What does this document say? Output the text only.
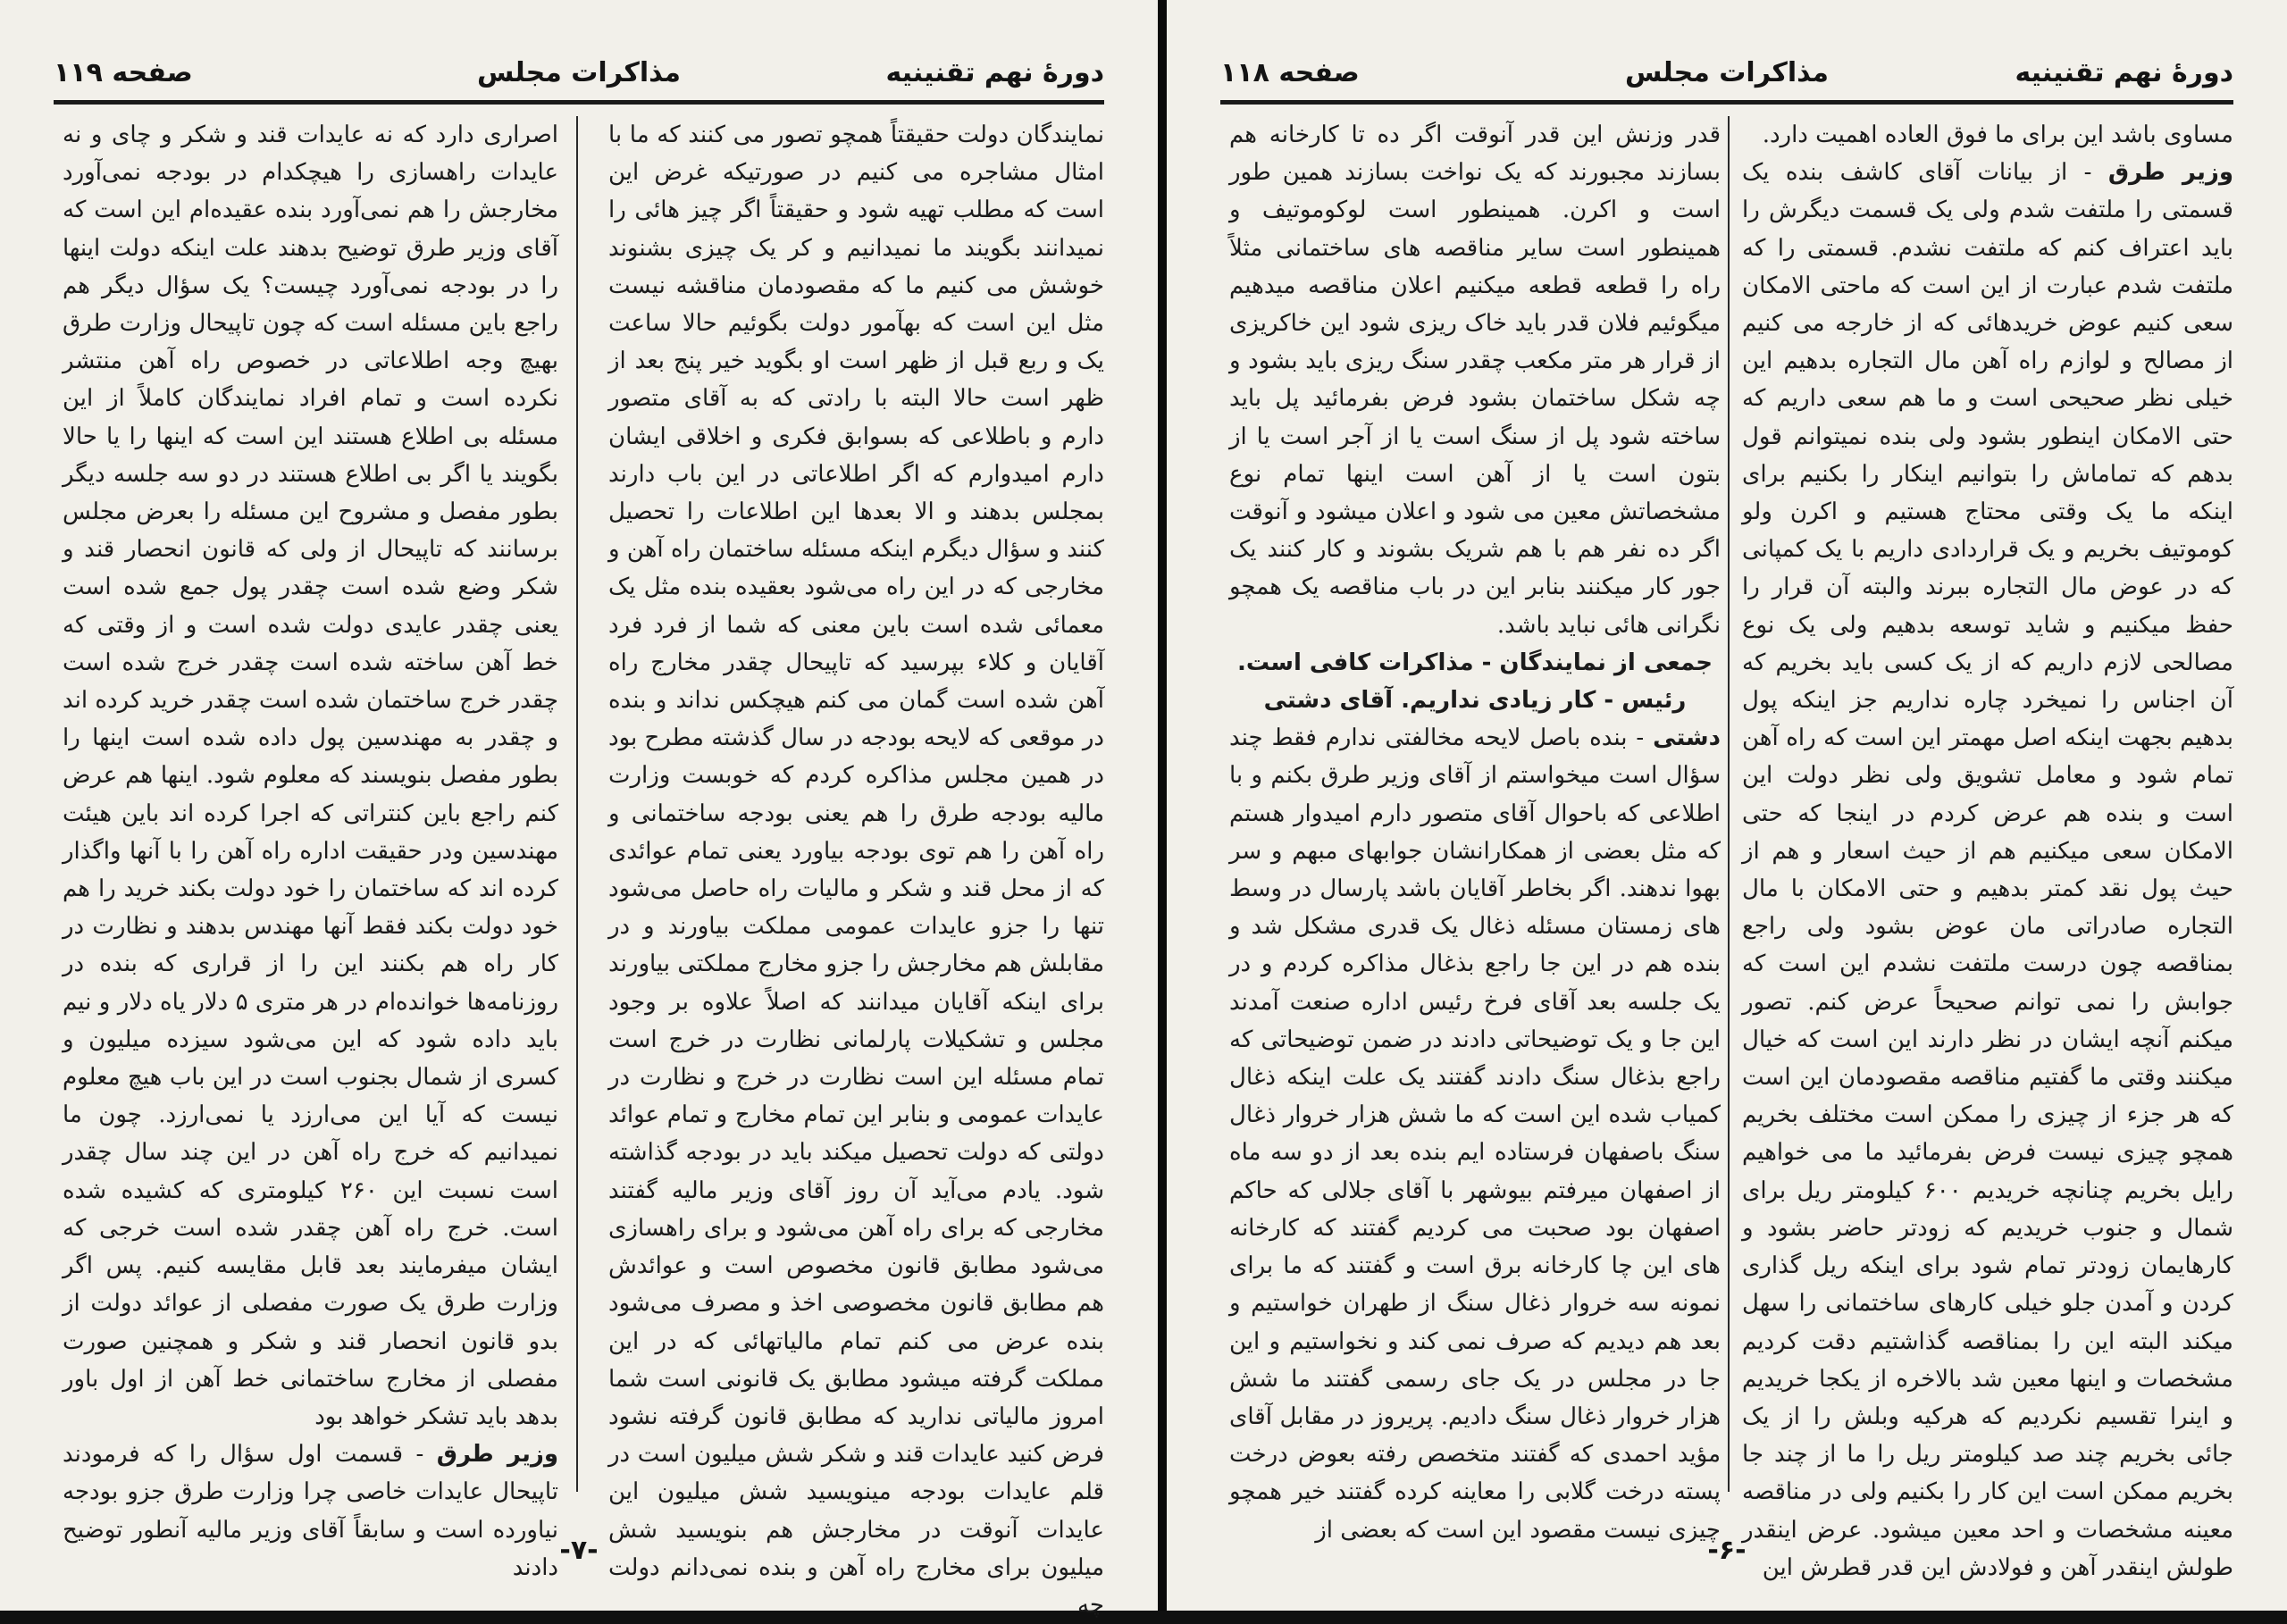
دورهٔ نهم تقنینیه
مذاکرات مجلس
صفحه ۱۱۹

نمایندگان دولت حقیقتاً همچو تصور می کنند که ما با امثال مشاجره می کنیم در صورتیکه غرض این است که مطلب تهیه شود و حقیقتاً اگر چیز هائی را نمیدانند بگویند ما نمیدانیم و کر یک چیزی بشنوند خوشش می کنیم ما که مقصودمان مناقشه نیست مثل این است که بهآمور دولت بگوئیم حالا ساعت یک و ربع قبل از ظهر است او بگوید خیر پنج بعد از ظهر است حالا البته با رادتی که به آقای متصور دارم و باطلاعی که بسوابق فکری و اخلاقی ایشان دارم امیدوارم که اگر اطلاعاتی در این باب دارند بمجلس بدهند و الا بعدها این اطلاعات را تحصیل کنند و سؤال دیگرم اینکه مسئله ساختمان راه آهن و مخارجی که در این راه می‌شود بعقیده بنده مثل یک معمائی شده است باین معنی که شما از فرد فرد آقایان و کلاء بپرسید که تاپیحال چقدر مخارج راه آهن شده است گمان می کنم هیچکس نداند و بنده در موقعی که لایحه بودجه در سال گذشته مطرح بود در همین مجلس مذاکره کردم که خوبست وزارت مالیه بودجه طرق را هم یعنی بودجه ساختمانی و راه آهن را هم توی بودجه بیاورد یعنی تمام عوائدی که از محل قند و شکر و مالیات راه حاصل می‌شود تنها را جزو عایدات عمومی مملکت بیاورند و در مقابلش هم مخارجش را جزو مخارج مملکتی بیاورند برای اینکه آقایان میدانند که اصلاً علاوه بر وجود مجلس و تشکیلات پارلمانی نظارت در خرج است تمام مسئله این است نظارت در خرج و نظارت در عایدات عمومی و بنابر این تمام مخارج و تمام عوائد دولتی که دولت تحصیل میکند باید در بودجه گذاشته شود. یادم می‌آید آن روز آقای وزیر مالیه گفتند مخارجی که برای راه آهن می‌شود و برای راهسازی می‌شود مطابق قانون مخصوص است و عوائدش هم مطابق قانون مخصوصی اخذ و مصرف می‌شود بنده عرض می کنم تمام مالیاتهائی که در این مملکت گرفته میشود مطابق یک قانونی است شما امروز مالیاتی ندارید که مطابق قانون گرفته نشود فرض کنید عایدات قند و شکر شش میلیون است در قلم عایدات بودجه مینویسید شش میلیون این عایدات آنوقت در مخارجش هم بنویسید شش میلیون برای مخارج راه آهن و بنده نمی‌دانم دولت چه

اصراری دارد که نه عایدات قند و شکر و چای و نه عایدات راهسازی را هیچکدام در بودجه نمی‌آورد مخارجش را هم نمی‌آورد بنده عقیده‌ام این است که آقای وزیر طرق توضیح بدهند علت اینکه دولت اینها را در بودجه نمی‌آورد چیست؟ یک سؤال دیگر هم راجع باین مسئله است که چون تاپیحال وزارت طرق بهیچ وجه اطلاعاتی در خصوص راه آهن منتشر نکرده است و تمام افراد نمایندگان کاملاً از این مسئله بی اطلاع هستند این است که اینها را یا حالا بگویند یا اگر بی اطلاع هستند در دو سه جلسه دیگر بطور مفصل و مشروح این مسئله را بعرض مجلس برسانند که تاپیحال از ولی که قانون انحصار قند و شکر وضع شده است چقدر پول جمع شده است یعنی چقدر عایدی دولت شده است و از وقتی که خط آهن ساخته شده است چقدر خرج شده است چقدر خرج ساختمان شده است چقدر خرید کرده اند و چقدر به مهندسین پول داده شده است اینها را بطور مفصل بنویسند که معلوم شود. اینها هم عرض کنم راجع باین کنتراتی که اجرا کرده اند باین هیئت مهندسین ودر حقیقت اداره راه آهن را با آنها واگذار کرده اند که ساختمان را خود دولت بکند خرید را هم خود دولت بکند فقط آنها مهندس بدهند و نظارت در کار راه هم بکنند این را از قراری که بنده در روزنامه‌ها خوانده‌ام در هر متری ۵ دلار یاه دلار و نیم باید داده شود که این می‌شود سیزده میلیون و کسری از شمال بجنوب است در این باب هیچ معلوم نیست که آیا این می‌ارزد یا نمی‌ارزد. چون ما نمیدانیم که خرج راه آهن در این چند سال چقدر است نسبت این ۲۶۰ کیلومتری که کشیده شده است. خرج راه آهن چقدر شده است خرجی که ایشان میفرمایند بعد قابل مقایسه کنیم. پس اگر وزارت طرق یک صورت مفصلی از عوائد دولت از بدو قانون انحصار قند و شکر و همچنین صورت مفصلی از مخارج ساختمانی خط آهن از اول باور بدهد باید تشکر خواهد بود

وزیر طرق - قسمت اول سؤال را که فرمودند تاپیحال عایدات خاصی چرا وزارت طرق جزو بودجه نیاورده است و سابقاً آقای وزیر مالیه آنطور توضیح دادند

-۷-
دورهٔ نهم تقنینیه
مذاکرات مجلس
صفحه ۱۱۸

مساوی باشد این برای ما فوق العاده اهمیت دارد.

وزیر طرق - از بیانات آقای کاشف بنده یک قسمتی را ملتفت شدم ولی یک قسمت دیگرش را باید اعتراف کنم که ملتفت نشدم. قسمتی را که ملتفت شدم عبارت از این است که ماحتی الامکان سعی کنیم عوض خریدهائی که از خارجه می کنیم از مصالح و لوازم راه آهن مال التجاره بدهیم این خیلی نظر صحیحی است و ما هم سعی داریم که حتی الامکان اینطور بشود ولی بنده نمیتوانم قول بدهم که تماماش را بتوانیم اینکار را بکنیم برای اینکه ما یک وقتی محتاج هستیم و اکرن ولو کوموتیف بخریم و یک قراردادی داریم با یک کمپانی که در عوض مال التجاره ببرند والبته آن قرار را حفظ میکنیم و شاید توسعه بدهیم ولی یک نوع مصالحی لازم داریم که از یک کسی باید بخریم که آن اجناس را نمیخرد چاره نداریم جز اینکه پول بدهیم بجهت اینکه اصل مهمتر این است که راه آهن تمام شود و معامل تشویق ولی نظر دولت این است و بنده هم عرض کردم در اینجا که حتی الامکان سعی میکنیم هم از حیث اسعار و هم از حیث پول نقد کمتر بدهیم و حتی الامکان با مال التجاره صادراتی مان عوض بشود ولی راجع بمناقصه چون درست ملتفت نشدم این است که جوابش را نمی توانم صحیحاً عرض کنم. تصور میکنم آنچه ایشان در نظر دارند این است که خیال میکنند وقتی ما گفتیم مناقصه مقصودمان این است که هر جزء از چیزی را ممکن است مختلف بخریم همچو چیزی نیست فرض بفرمائید ما می خواهیم رایل بخریم چنانچه خریدیم ۶۰۰ کیلومتر ریل برای شمال و جنوب خریدیم که زودتر حاضر بشود و کارهایمان زودتر تمام شود برای اینکه ریل گذاری کردن و آمدن جلو خیلی کارهای ساختمانی را سهل میکند البته این را بمناقصه گذاشتیم دقت کردیم مشخصات و اینها معین شد بالاخره از یکجا خریدیم و اینرا تقسیم نکردیم که هرکیه وبلش را از یک جائی بخریم چند صد کیلومتر ریل را ما از چند جا بخریم ممکن است این کار را بکنیم ولی در مناقصه معینه مشخصات و احد معین میشود. عرض اینقدر طولش اینقدر آهن و فولادش این قدر قطرش این

قدر وزنش این قدر آنوقت اگر ده تا کارخانه هم بسازند مجبورند که یک نواخت بسازند همین طور است و اکرن. همینطور است لوکوموتیف و همینطور است سایر مناقصه های ساختمانی مثلاً راه را قطعه قطعه میکنیم اعلان مناقصه میدهیم میگوئیم فلان قدر باید خاک ریزی شود این خاکریزی از قرار هر متر مکعب چقدر سنگ ریزی باید بشود و چه شکل ساختمان بشود فرض بفرمائید پل باید ساخته شود پل از سنگ است یا از آجر است یا از بتون است یا از آهن است اینها تمام نوع مشخصاتش معین می شود و اعلان میشود و آنوقت اگر ده نفر هم با هم شریک بشوند و کار کنند یک جور کار میکنند بنابر این در باب مناقصه یک همچو نگرانی هائی نباید باشد.

جمعی از نمایندگان - مذاکرات کافی است.

رئیس - کار زیادی نداریم. آقای دشتی

دشتی - بنده باصل لایحه مخالفتی ندارم فقط چند سؤال است میخواستم از آقای وزیر طرق بکنم و با اطلاعی که باحوال آقای متصور دارم امیدوار هستم که مثل بعضی از همکارانشان جوابهای مبهم و سر بهوا ندهند. اگر بخاطر آقایان باشد پارسال در وسط های زمستان مسئله ذغال یک قدری مشکل شد و بنده هم در این جا راجع بذغال مذاکره کردم و در یک جلسه بعد آقای فرخ رئیس اداره صنعت آمدند این جا و یک توضیحاتی دادند در ضمن توضیحاتی که راجع بذغال سنگ دادند گفتند یک علت اینکه ذغال کمیاب شده این است که ما شش هزار خروار ذغال سنگ باصفهان فرستاده ایم بنده بعد از دو سه ماه از اصفهان میرفتم بیوشهر با آقای جلالی که حاکم اصفهان بود صحبت می کردیم گفتند که کارخانه های این چا کارخانه برق است و گفتند که ما برای نمونه سه خروار ذغال سنگ از طهران خواستیم و بعد هم دیدیم که صرف نمی کند و نخواستیم و این جا در مجلس در یک جای رسمی گفتند ما شش هزار خروار ذغال سنگ دادیم. پریروز در مقابل آقای مؤید احمدی که گفتند متخصص رفته بعوض درخت پسته درخت گلابی را معاینه کرده گفتند خیر همچو چیزی نیست مقصود این است که بعضی از

-۶-
